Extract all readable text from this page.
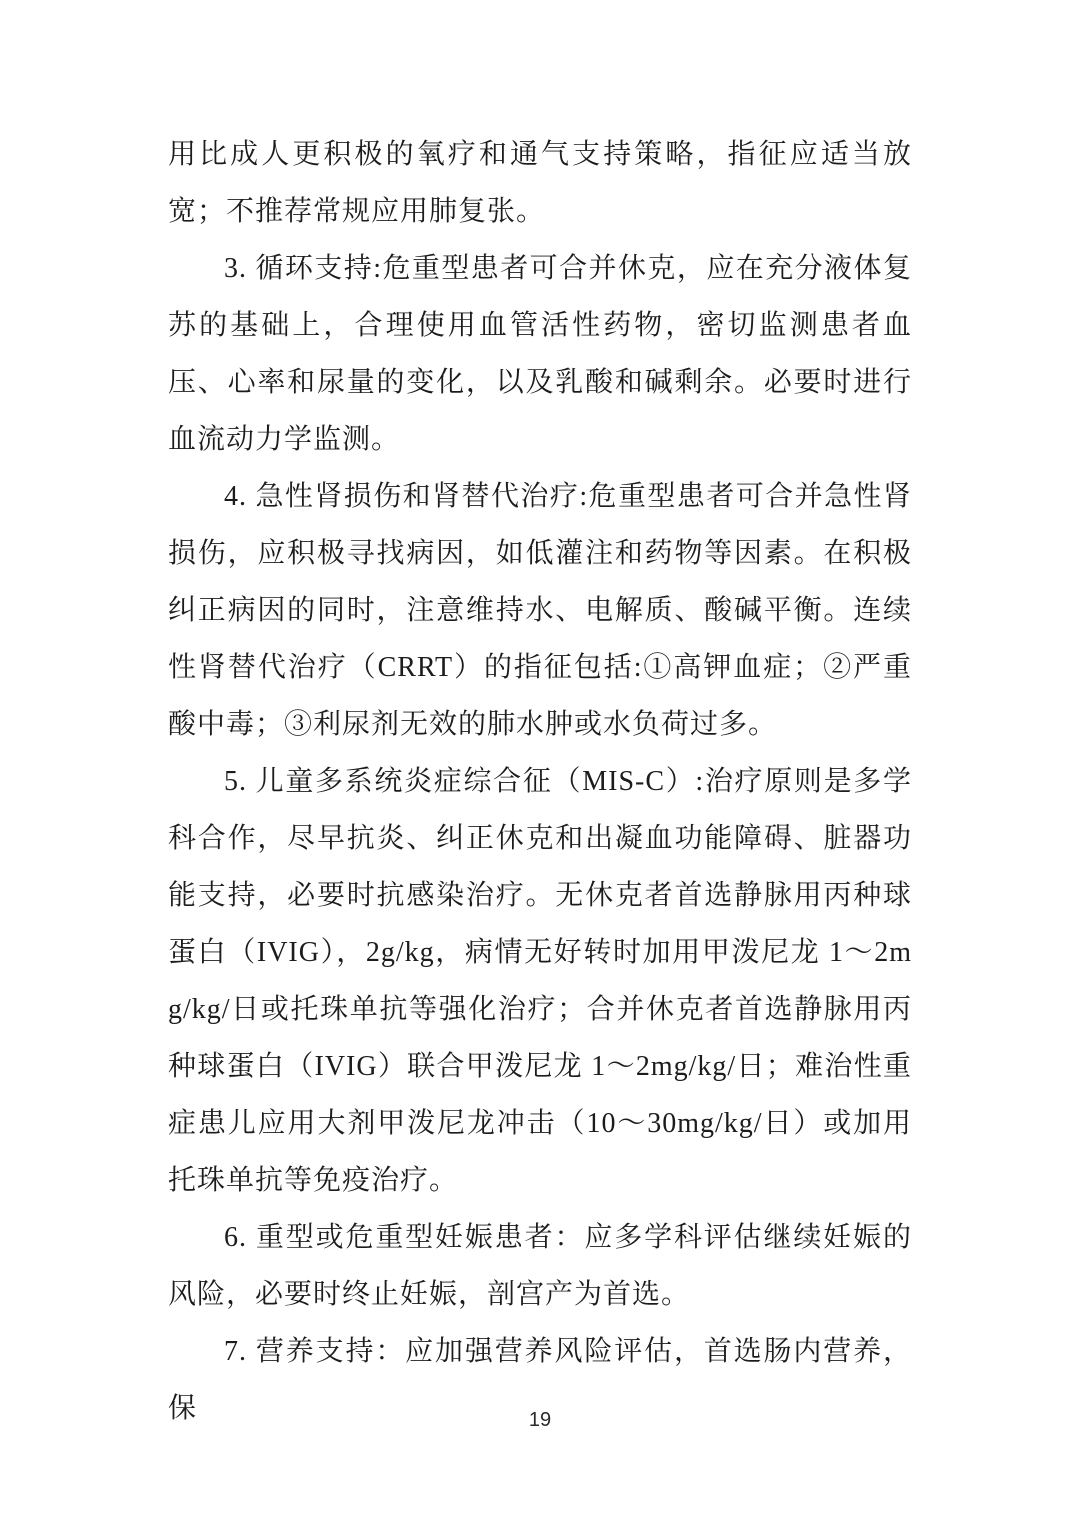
用比成人更积极的氧疗和通气支持策略，指征应适当放宽；不推荐常规应用肺复张。

3. 循环支持:危重型患者可合并休克，应在充分液体复苏的基础上，合理使用血管活性药物，密切监测患者血压、心率和尿量的变化，以及乳酸和碱剩余。必要时进行血流动力学监测。

4. 急性肾损伤和肾替代治疗:危重型患者可合并急性肾损伤，应积极寻找病因，如低灌注和药物等因素。在积极纠正病因的同时，注意维持水、电解质、酸碱平衡。连续性肾替代治疗（CRRT）的指征包括:①高钾血症；②严重酸中毒；③利尿剂无效的肺水肿或水负荷过多。

5. 儿童多系统炎症综合征（MIS-C）:治疗原则是多学科合作，尽早抗炎、纠正休克和出凝血功能障碍、脏器功能支持，必要时抗感染治疗。无休克者首选静脉用丙种球蛋白（IVIG），2g/kg，病情无好转时加用甲泼尼龙 1～2mg/kg/日或托珠单抗等强化治疗；合并休克者首选静脉用丙种球蛋白（IVIG）联合甲泼尼龙 1～2mg/kg/日；难治性重症患儿应用大剂甲泼尼龙冲击（10～30mg/kg/日）或加用托珠单抗等免疫治疗。

6. 重型或危重型妊娠患者：应多学科评估继续妊娠的风险，必要时终止妊娠，剖宫产为首选。

7. 营养支持：应加强营养风险评估，首选肠内营养，保	19
